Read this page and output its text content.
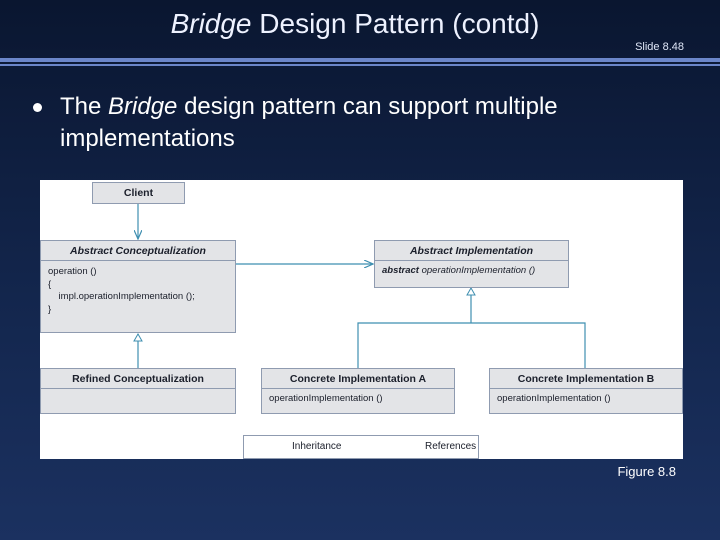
Bridge Design Pattern (contd)
Slide 8.48
The Bridge design pattern can support multiple implementations
Client
Abstract Conceptualization
operation ()
{
impl.operationImplementation ();
}
Abstract Implementation
abstract operationImplementation ()
Refined Conceptualization	Concrete Implementation A
operationImplementation ()
Concrete Implementation B
operationImplementation ()
Inheritance	References
Figure 8.8
